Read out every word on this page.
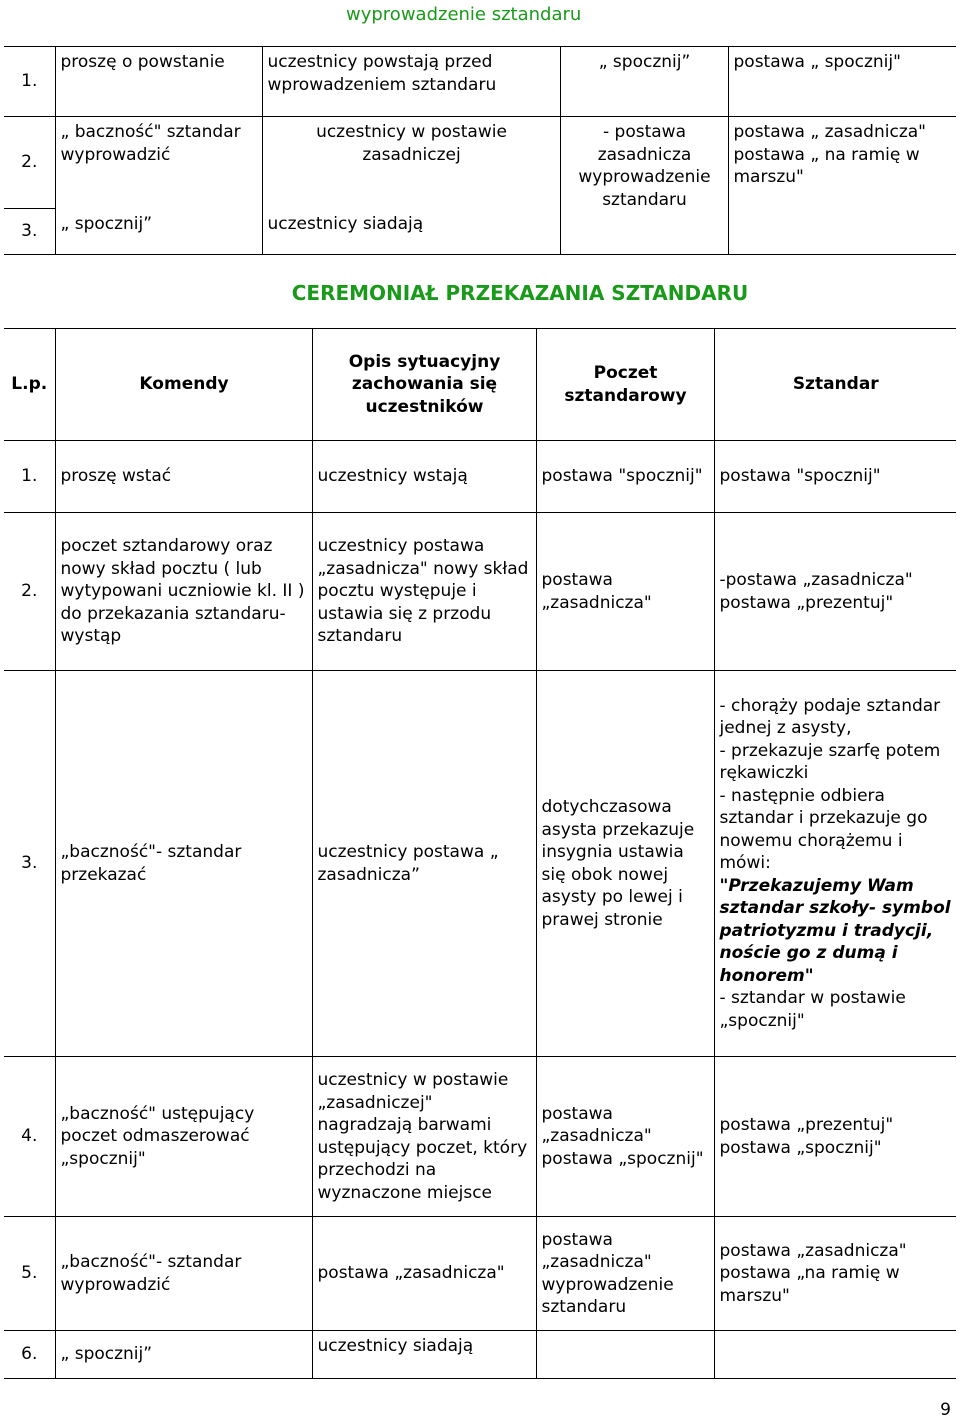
wyprowadzenie sztandaru
1.	proszę o powstanie	uczestnicy powstają przed wprowadzeniem sztandaru	„ spocznij”	postawa „ spocznij"
2.	„ baczność" sztandar wyprowadzić	uczestnicy w postawie zasadniczej	- postawa zasadnicza wyprowadzenie sztandaru	postawa „ zasadnicza" postawa „ na ramię w marszu"
3.	„ spocznij”	uczestnicy siadają		
CEREMONIAŁ PRZEKAZANIA SZTANDARU
L.p.	Komendy	Opis sytuacyjny zachowania się uczestników	Poczet sztandarowy	Sztandar
1.	proszę wstać	uczestnicy wstają	postawa "spocznij"	postawa "spocznij"
2.	poczet sztandarowy oraz nowy skład pocztu ( lub wytypowani uczniowie kl. II ) do przekazania sztandaru- wystąp	uczestnicy postawa „zasadnicza" nowy skład pocztu występuje i ustawia się z przodu sztandaru	postawa „zasadnicza"	-postawa „zasadnicza" postawa „prezentuj"
3.	„baczność"- sztandar przekazać	uczestnicy postawa „ zasadnicza”	dotychczasowa asysta przekazuje insygnia ustawia się obok nowej asysty po lewej i prawej stronie	- chorąży podaje sztandar jednej z asysty,
- przekazuje szarfę potem rękawiczki
- następnie odbiera sztandar i przekazuje go nowemu chorążemu i mówi:
"Przekazujemy Wam sztandar szkoły- symbol patriotyzmu i tradycji, noście go z dumą i honorem"
- sztandar w postawie „spocznij"

4.	„baczność" ustępujący poczet odmaszerować „spocznij"	uczestnicy w postawie „zasadniczej" nagradzają barwami ustępujący poczet, który przechodzi na wyznaczone miejsce	postawa „zasadnicza" postawa „spocznij"	postawa „prezentuj" postawa „spocznij"
5.	„baczność"- sztandar wyprowadzić	postawa „zasadnicza"	postawa „zasadnicza" wyprowadzenie sztandaru	postawa „zasadnicza" postawa „na ramię w marszu"
6.	„ spocznij”	uczestnicy siadają		
9
